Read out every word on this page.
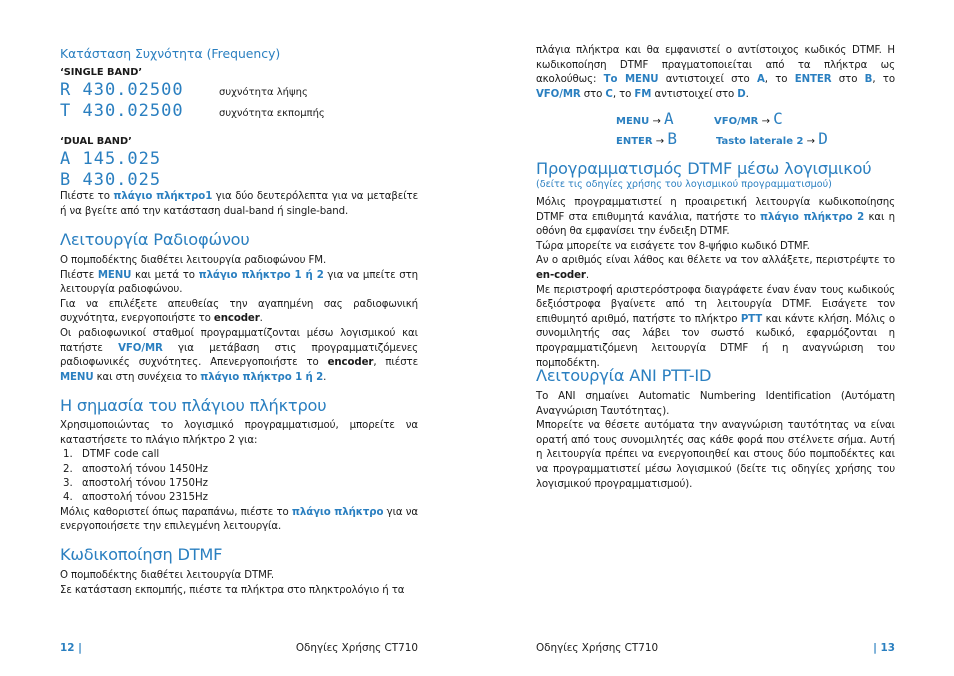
Κατάσταση Συχνότητα (Frequency)
‘SINGLE BAND’
R 430.02500	συχνότητα λήψης
T 430.02500	συχνότητα εκπομπής
‘DUAL BAND’
A 145.025
B 430.025

Πιέστε το πλάγιο πλήκτρο1 για δύο δευτερόλεπτα για να μεταβείτε ή να βγείτε από την κατάσταση dual-band ή single-band.

Λειτουργία Ραδιοφώνου

Ο πομποδέκτης διαθέτει λειτουργία ραδιοφώνου FM.

Πιέστε MENU και μετά το πλάγιο πλήκτρο 1 ή 2 για να μπείτε στη λειτουργία ραδιοφώνου.

Για να επιλέξετε απευθείας την αγαπημένη σας ραδιοφωνική συχνότητα, ενεργοποιήστε το encoder.

Οι ραδιοφωνικοί σταθμοί προγραμματίζονται μέσω λογισμικού και πατήστε VFO/MR για μετάβαση στις προγραμματιζόμενες ραδιοφωνικές συχνότητες. Απενεργοποιήστε το encoder, πιέστε MENU και στη συνέχεια το πλάγιο πλήκτρο 1 ή 2.

Η σημασία του πλάγιου πλήκτρου

Χρησιμοποιώντας το λογισμικό προγραμματισμού, μπορείτε να καταστήσετε το πλάγιο πλήκτρο 2 για:

1. DTMF code call
2. αποστολή τόνου 1450Hz
3. αποστολή τόνου 1750Hz
4. αποστολή τόνου 2315Hz

Μόλις καθοριστεί όπως παραπάνω, πιέστε το πλάγιο πλήκτρο για να ενεργοποιήσετε την επιλεγμένη λειτουργία.

Κωδικοποίηση DTMF

Ο πομποδέκτης διαθέτει λειτουργία DTMF.

Σε κατάσταση εκπομπής, πιέστε τα πλήκτρα στο πληκτρολόγιο ή τα

12 |	Οδηγίες Χρήσης CT710

πλάγια πλήκτρα και θα εμφανιστεί ο αντίστοιχος κωδικός DTMF. Η κωδικοποίηση DTMF πραγματοποιείται από τα πλήκτρα ως ακολούθως: Το MENU αντιστοιχεί στο A, το ENTER στο B, το VFO/MR στο C, το FM αντιστοιχεί στο D.

MENU → A	VFO/MR → C
ENTER → B	Tasto laterale 2 → D
Προγραμματισμός DTMF μέσω λογισμικού
(δείτε τις οδηγίες χρήσης του λογισμικού προγραμματισμού)

Μόλις προγραμματιστεί η προαιρετική λειτουργία κωδικοποίησης DTMF στα επιθυμητά κανάλια, πατήστε το πλάγιο πλήκτρο 2 και η οθόνη θα εμφανίσει την ένδειξη DTMF.

Τώρα μπορείτε να εισάγετε τον 8-ψήφιο κωδικό DTMF.

Αν ο αριθμός είναι λάθος και θέλετε να τον αλλάξετε, περιστρέψτε το en-coder.

Με περιστροφή αριστερόστροφα διαγράφετε έναν έναν τους κωδικούς δεξιόστροφα βγαίνετε από τη λειτουργία DTMF. Εισάγετε τον επιθυμητό αριθμό, πατήστε το πλήκτρο PTT και κάντε κλήση. Μόλις ο συνομιλητής σας λάβει τον σωστό κωδικό, εφαρμόζονται η προγραμματιζόμενη λειτουργία DTMF ή η αναγνώριση του πομποδέκτη.

Λειτουργία ANI PTT-ID

Το ANI σημαίνει Automatic Numbering Identification (Αυτόματη Αναγνώριση Ταυτότητας).

Μπορείτε να θέσετε αυτόματα την αναγνώριση ταυτότητας να είναι ορατή από τους συνομιλητές σας κάθε φορά που στέλνετε σήμα. Αυτή η λειτουργία πρέπει να ενεργοποιηθεί και στους δύο πομποδέκτες και να προγραμματιστεί μέσω λογισμικού (δείτε τις οδηγίες χρήσης του λογισμικού προγραμματισμού).

Οδηγίες Χρήσης CT710	| 13
